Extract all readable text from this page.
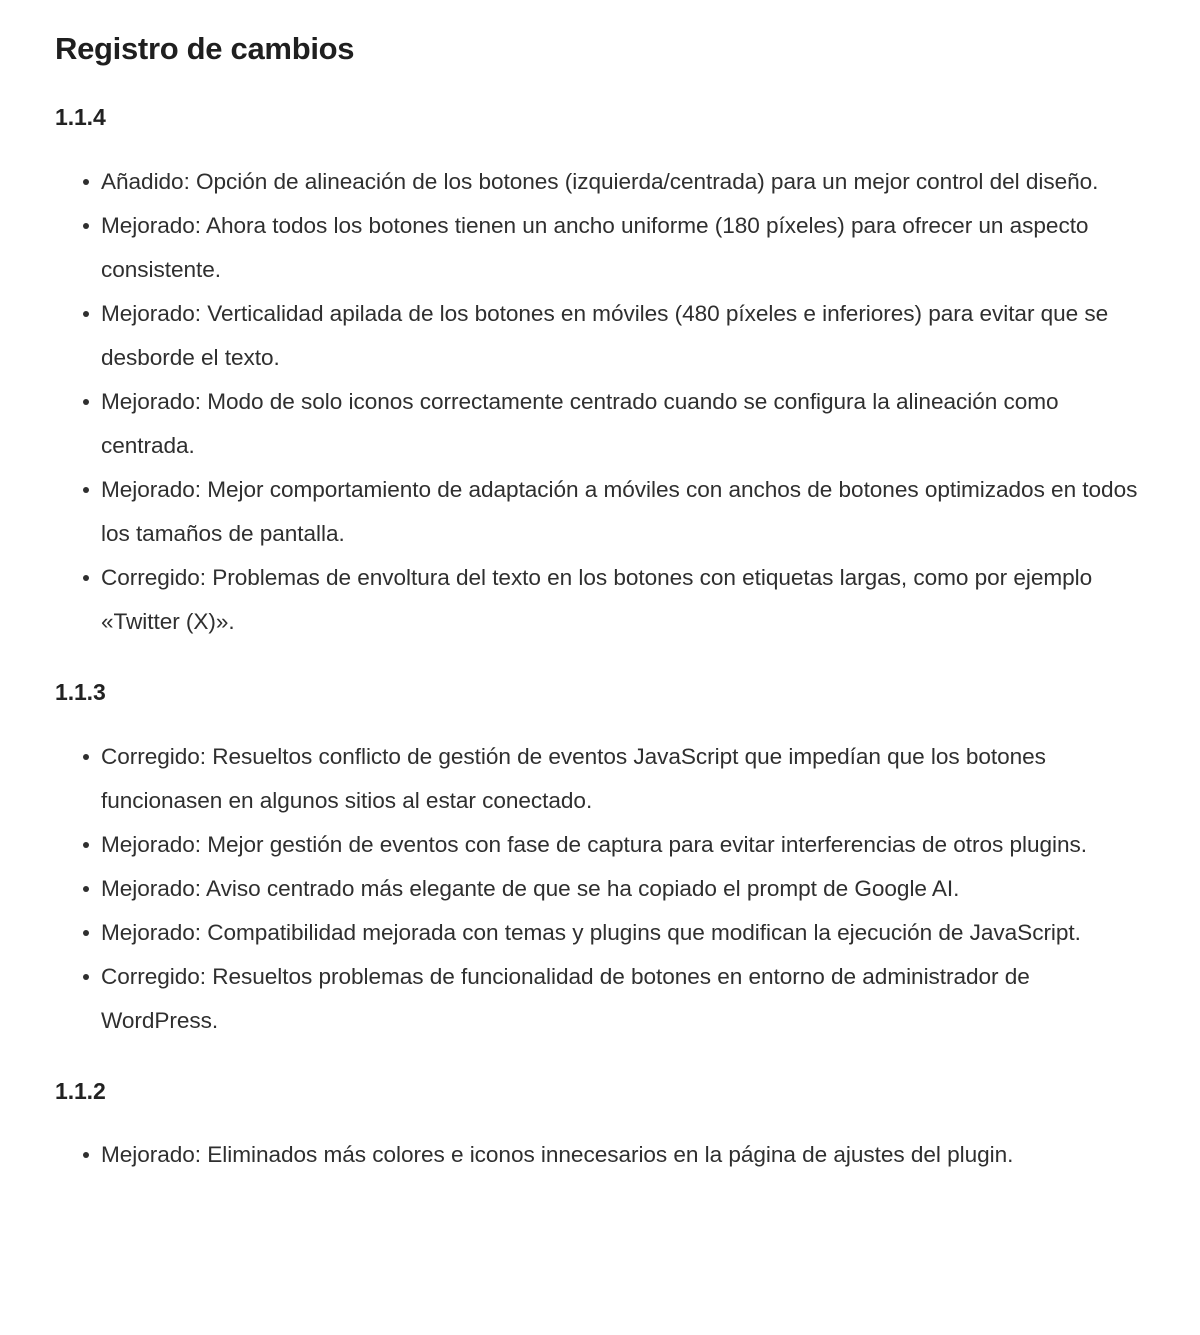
Registro de cambios
1.1.4
Añadido: Opción de alineación de los botones (izquierda/centrada) para un mejor control del diseño.
Mejorado: Ahora todos los botones tienen un ancho uniforme (180 píxeles) para ofrecer un aspecto consistente.
Mejorado: Verticalidad apilada de los botones en móviles (480 píxeles e inferiores) para evitar que se desborde el texto.
Mejorado: Modo de solo iconos correctamente centrado cuando se configura la alineación como centrada.
Mejorado: Mejor comportamiento de adaptación a móviles con anchos de botones optimizados en todos los tamaños de pantalla.
Corregido: Problemas de envoltura del texto en los botones con etiquetas largas, como por ejemplo «Twitter (X)».
1.1.3
Corregido: Resueltos conflicto de gestión de eventos JavaScript que impedían que los botones funcionasen en algunos sitios al estar conectado.
Mejorado: Mejor gestión de eventos con fase de captura para evitar interferencias de otros plugins.
Mejorado: Aviso centrado más elegante de que se ha copiado el prompt de Google AI.
Mejorado: Compatibilidad mejorada con temas y plugins que modifican la ejecución de JavaScript.
Corregido: Resueltos problemas de funcionalidad de botones en entorno de administrador de WordPress.
1.1.2
Mejorado: Eliminados más colores e iconos innecesarios en la página de ajustes del plugin.
